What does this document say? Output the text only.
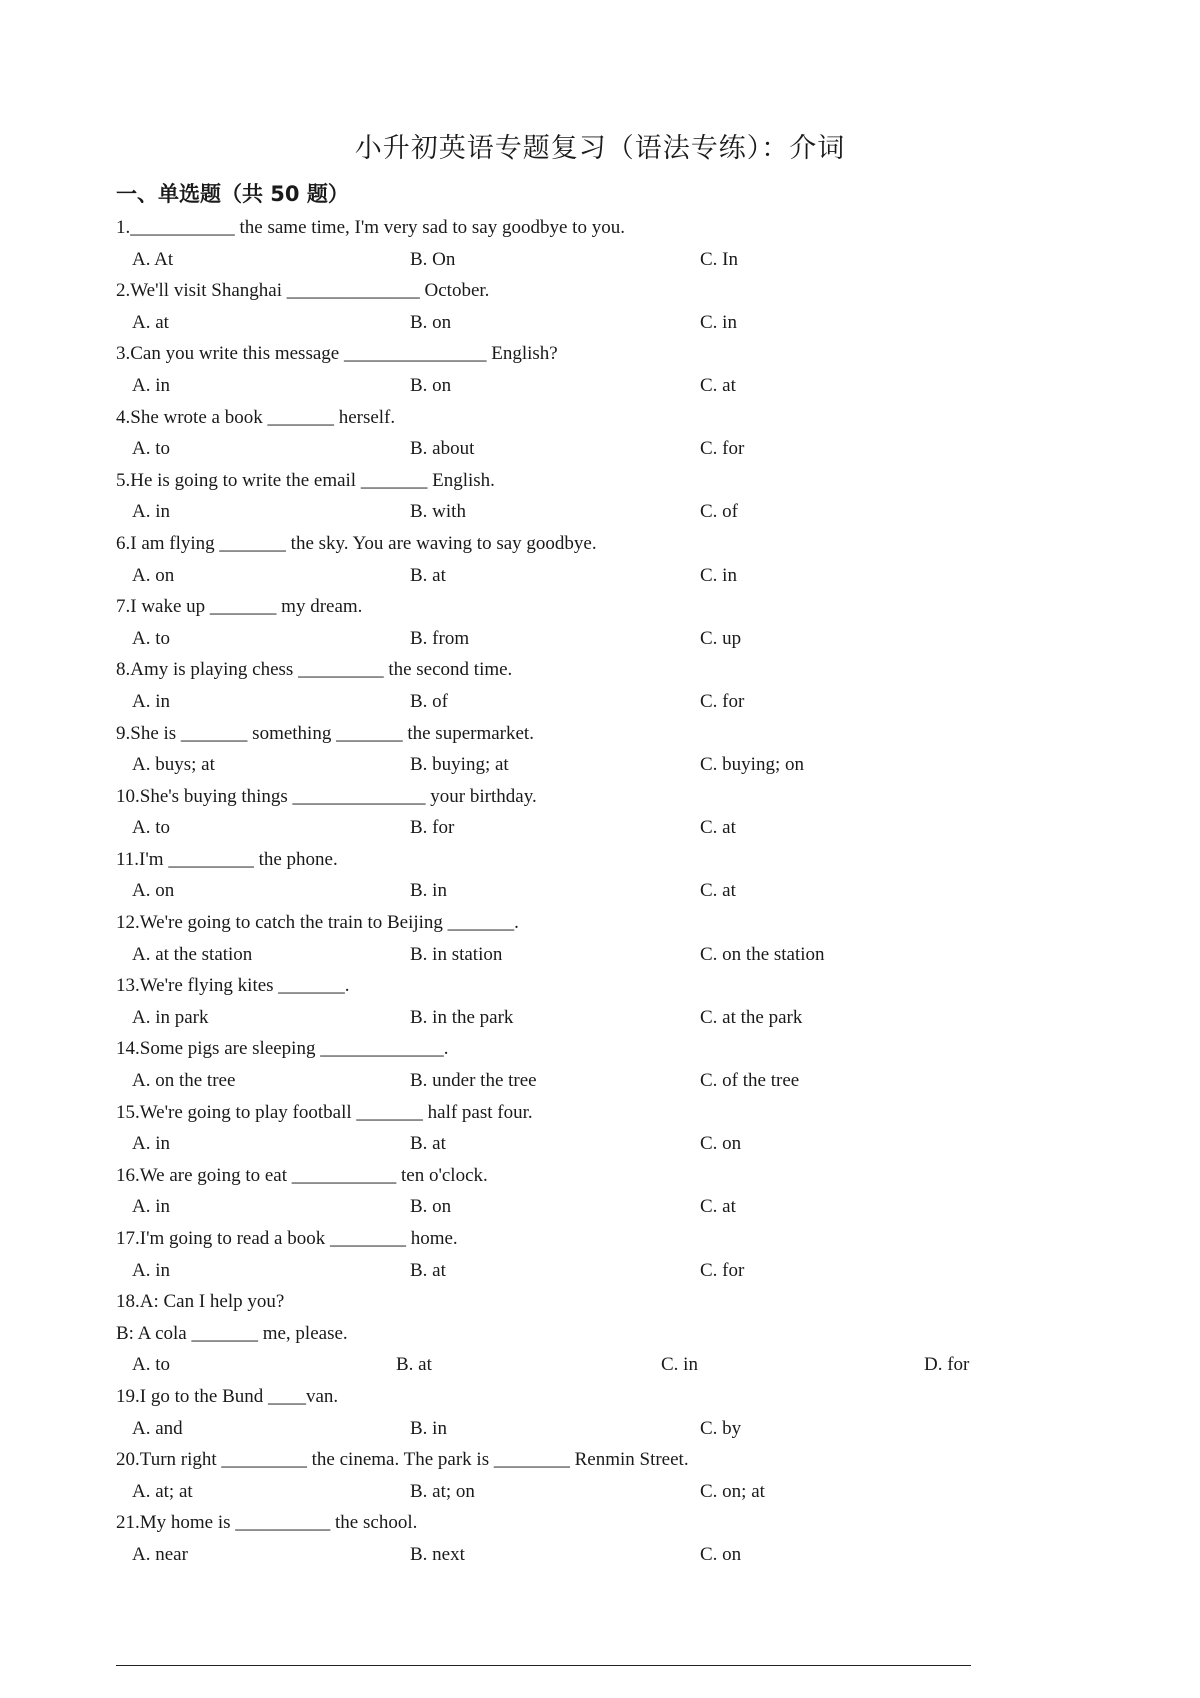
小升初英语专题复习（语法专练）：介词
一、单选题（共 50 题）
1.___________ the same time, I'm very sad to say goodbye to you.
A. At	B. On	C. In
2.We'll visit Shanghai ______________ October.
A. at	B. on	C. in
3.Can you write this message _______________ English?
A. in	B. on	C. at
4.She wrote a book _______ herself.
A. to	B. about	C. for
5.He is going to write the email _______ English.
A. in	B. with	C. of
6.I am flying _______ the sky. You are waving to say goodbye.
A. on	B. at	C. in
7.I wake up _______ my dream.
A. to	B. from	C. up
8.Amy is playing chess _________ the second time.
A. in	B. of	C. for
9.She is _______ something _______ the supermarket.
A. buys; at	B. buying; at	C. buying; on
10.She's buying things ______________ your birthday.
A. to	B. for	C. at
11.I'm _________ the phone.
A. on	B. in	C. at
12.We're going to catch the train to Beijing _______.
A. at the station	B. in station	C. on the station
13.We're flying kites _______.
A. in park	B. in the park	C. at the park
14.Some pigs are sleeping _____________.
A. on the tree	B. under the tree	C. of the tree
15.We're going to play football _______ half past four.
A. in	B. at	C. on
16.We are going to eat ___________ ten o'clock.
A. in	B. on	C. at
17.I'm going to read a book ________ home.
A. in	B. at	C. for
18.A: Can I help you?
B: A cola _______ me, please.
A. to	B. at	C. in	D. for
19.I go to the Bund ____van.
A. and	B. in	C. by
20.Turn right _________ the cinema. The park is ________ Renmin Street.
A. at; at	B. at; on	C. on; at
21.My home is __________ the school.
A. near	B. next	C. on
